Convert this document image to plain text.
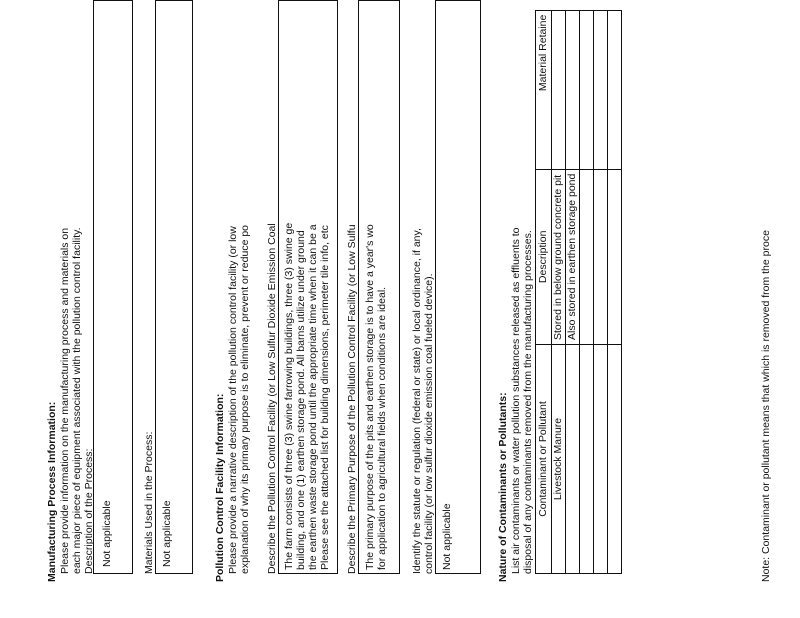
Manufacturing Process Information: Please provide information on the manufacturing process and materials on each major piece of equipment associated with the pollution control facility. Description of the Process: Not applicable	Materials Used in the Process: Not applicable	Pollution Control Facility Information: Please provide a narrative description of the pollution control facility (or low explanation of why its primary purpose is to eliminate, prevent or reduce po Describe the Pollution Control Facility (or Low Sulfur Dioxide Emission Coal The farm consists of three (3) swine farrowing buildings, three (3) swine ge building, and one (1) earthen storage pond. All barns utilize under ground the earthen waste storage pond until the appropriate time when it can be a Please see the attached list for building dimensions, perimeter tile info, etc Describe the Primary Purpose of the Pollution Control Facility (or Low Sulfu The primary purpose of the pits and earthen storage is to have a year's wo for application to agricultural fields when conditions are ideal. Identify the statute or regulation (federal or state) or local ordinance, if any, control facility (or low sulfur dioxide emission coal fueled device). Not applicable	Nature of Contaminants or Pollutants: List air contaminants or water pollution substances released as effluents to disposal of any contaminants removed from the manufacturing processes. Contaminant or Pollutant	Description	Material Retaine
Livestock Manure	Stored in below ground concrete pit	
	Also stored in earthen storage pond	

			Note: Contaminant or pollutant means that which is removed from the proce
